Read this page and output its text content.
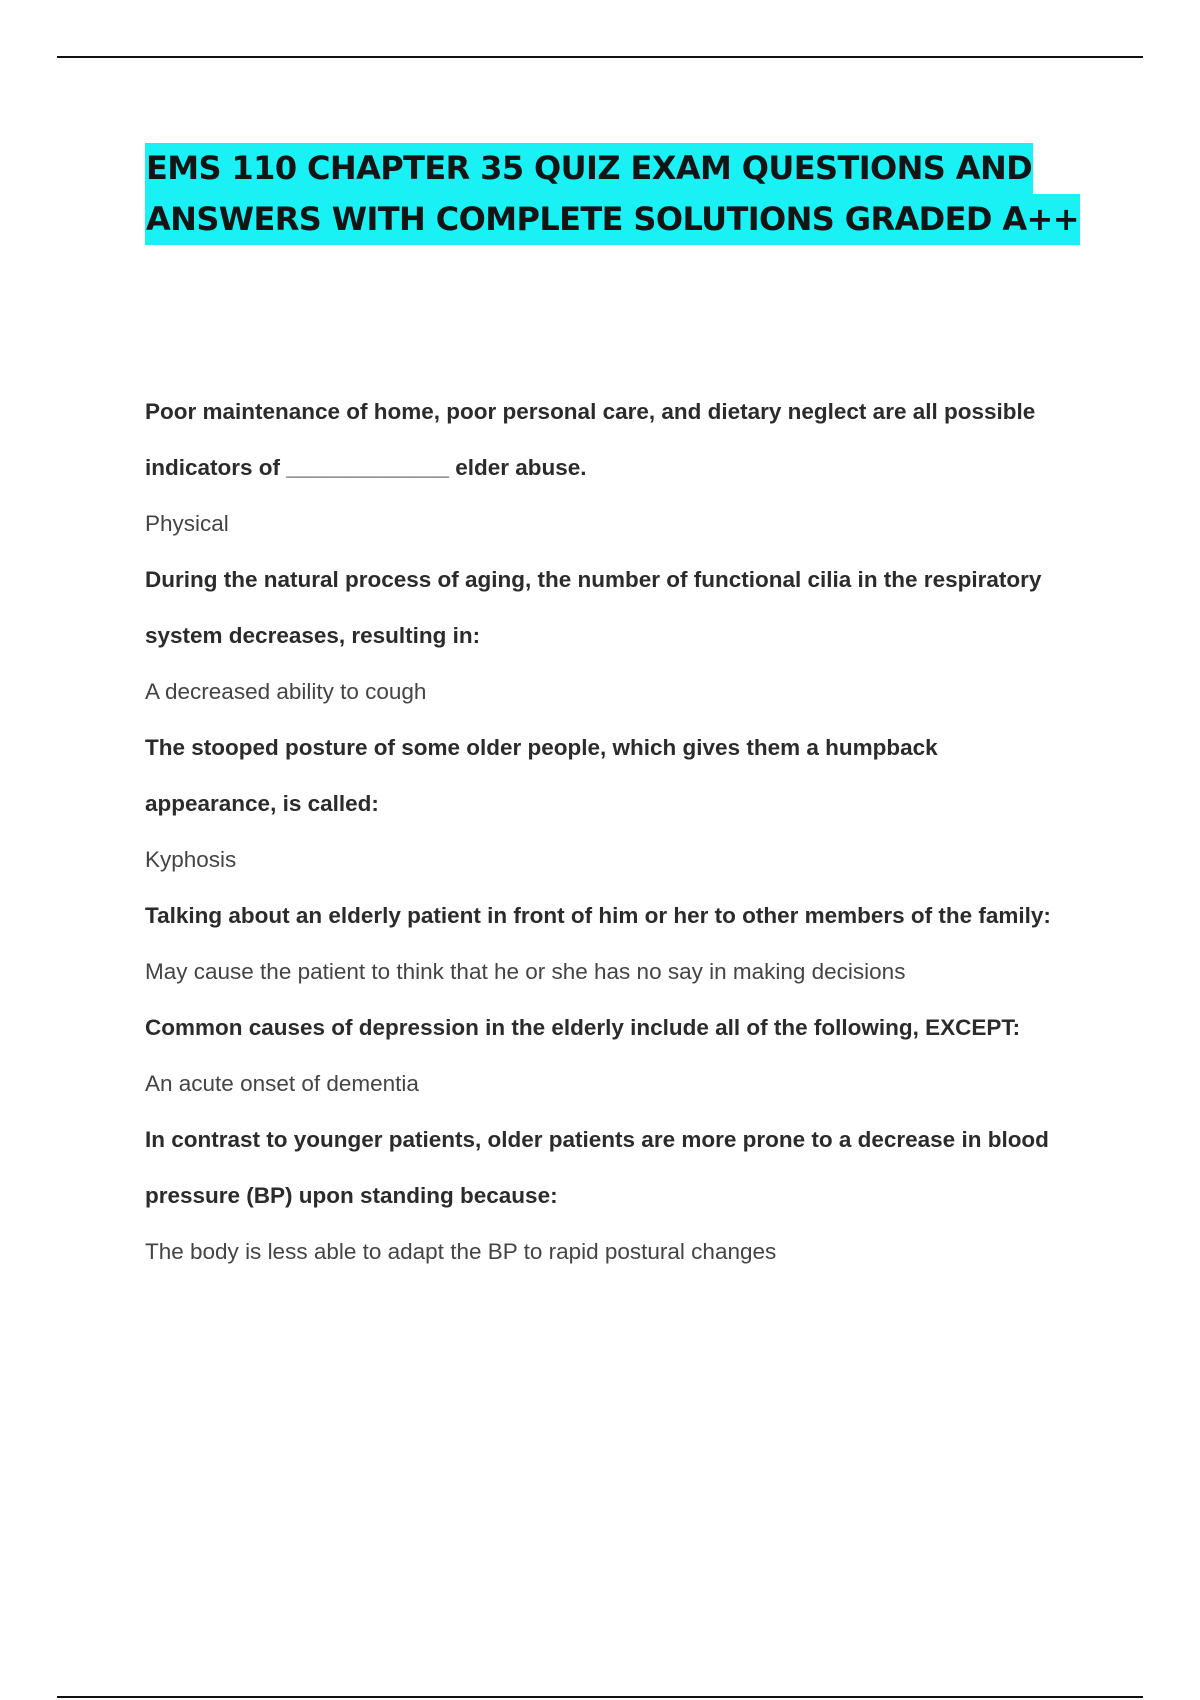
EMS 110 CHAPTER 35 QUIZ EXAM QUESTIONS AND
ANSWERS WITH COMPLETE SOLUTIONS GRADED A++

Poor maintenance of home, poor personal care, and dietary neglect are all possible indicators of _____________ elder abuse.

Physical

During the natural process of aging, the number of functional cilia in the respiratory system decreases, resulting in:

A decreased ability to cough

The stooped posture of some older people, which gives them a humpback appearance, is called:

Kyphosis

Talking about an elderly patient in front of him or her to other members of the family:

May cause the patient to think that he or she has no say in making decisions

Common causes of depression in the elderly include all of the following, EXCEPT:

An acute onset of dementia

In contrast to younger patients, older patients are more prone to a decrease in blood pressure (BP) upon standing because:

The body is less able to adapt the BP to rapid postural changes
